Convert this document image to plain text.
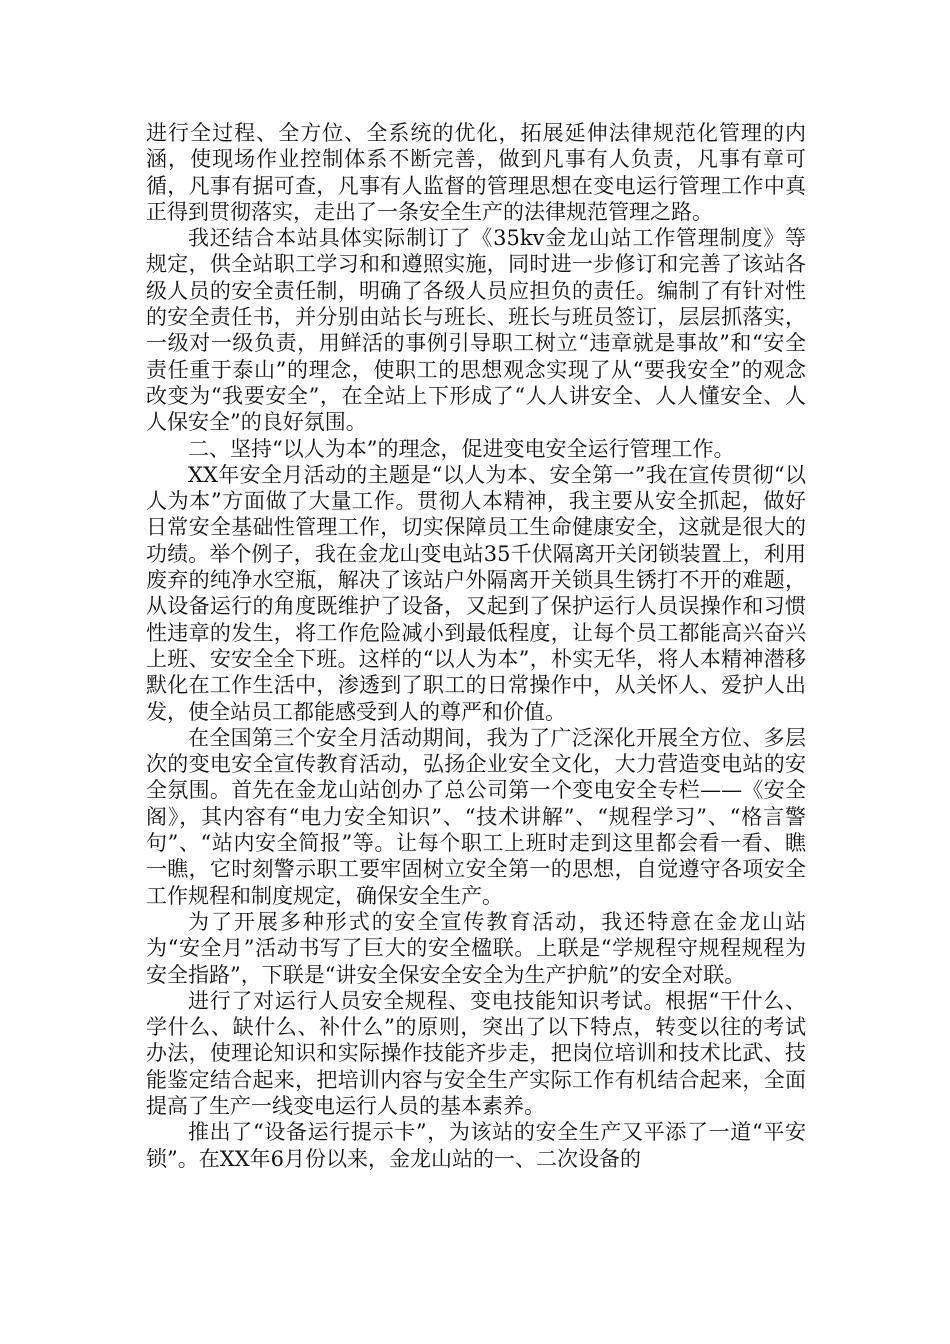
进行全过程、全方位、全系统的优化，拓展延伸法律规范化管理的内涵，使现场作业控制体系不断完善，做到凡事有人负责，凡事有章可循，凡事有据可查，凡事有人监督的管理思想在变电运行管理工作中真正得到贯彻落实，走出了一条安全生产的法律规范管理之路。

我还结合本站具体实际制订了《35kv金龙山站工作管理制度》等规定，供全站职工学习和和遵照实施，同时进一步修订和完善了该站各级人员的安全责任制，明确了各级人员应担负的责任。编制了有针对性的安全责任书，并分别由站长与班长、班长与班员签订，层层抓落实，一级对一级负责，用鲜活的事例引导职工树立“违章就是事故”和“安全责任重于泰山”的理念，使职工的思想观念实现了从“要我安全”的观念改变为“我要安全”，在全站上下形成了“人人讲安全、人人懂安全、人人保安全”的良好氛围。

二、坚持“以人为本”的理念，促进变电安全运行管理工作。

XX年安全月活动的主题是“以人为本、安全第一”我在宣传贯彻“以人为本”方面做了大量工作。贯彻人本精神，我主要从安全抓起，做好日常安全基础性管理工作，切实保障员工生命健康安全，这就是很大的功绩。举个例子，我在金龙山变电站35千伏隔离开关闭锁装置上，利用废弃的纯净水空瓶，解决了该站户外隔离开关锁具生锈打不开的难题，从设备运行的角度既维护了设备，又起到了保护运行人员误操作和习惯性违章的发生，将工作危险减小到最低程度，让每个员工都能高兴奋兴上班、安安全全下班。这样的“以人为本”，朴实无华，将人本精神潜移默化在工作生活中，渗透到了职工的日常操作中，从关怀人、爱护人出发，使全站员工都能感受到人的尊严和价值。

在全国第三个安全月活动期间，我为了广泛深化开展全方位、多层次的变电安全宣传教育活动，弘扬企业安全文化，大力营造变电站的安全氛围。首先在金龙山站创办了总公司第一个变电安全专栏——《安全阁》，其内容有“电力安全知识”、“技术讲解”、“规程学习”、“格言警句”、“站内安全简报”等。让每个职工上班时走到这里都会看一看、瞧一瞧，它时刻警示职工要牢固树立安全第一的思想，自觉遵守各项安全工作规程和制度规定，确保安全生产。

为了开展多种形式的安全宣传教育活动，我还特意在金龙山站为“安全月”活动书写了巨大的安全楹联。上联是“学规程守规程规程为安全指路”，下联是“讲安全保安全安全为生产护航”的安全对联。

进行了对运行人员安全规程、变电技能知识考试。根据“干什么、学什么、缺什么、补什么”的原则，突出了以下特点，转变以往的考试办法，使理论知识和实际操作技能齐步走，把岗位培训和技术比武、技能鉴定结合起来，把培训内容与安全生产实际工作有机结合起来，全面提高了生产一线变电运行人员的基本素养。

推出了“设备运行提示卡”，为该站的安全生产又平添了一道“平安锁”。在XX年6月份以来，金龙山站的一、二次设备的
